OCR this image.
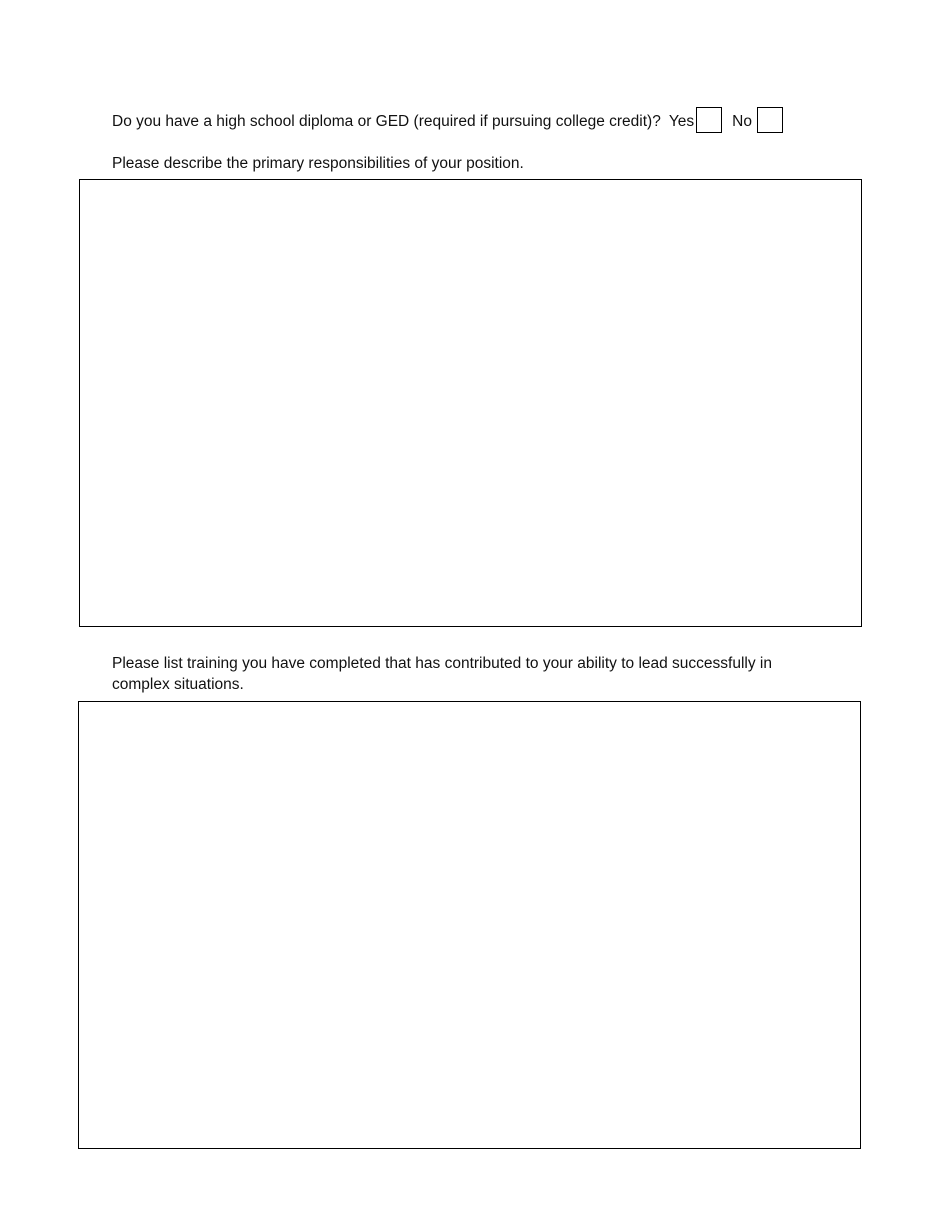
Do you have a high school diploma or GED (required if pursuing college credit)? Yes No
Please describe the primary responsibilities of your position.
Please list training you have completed that has contributed to your ability to lead successfully in complex situations.
